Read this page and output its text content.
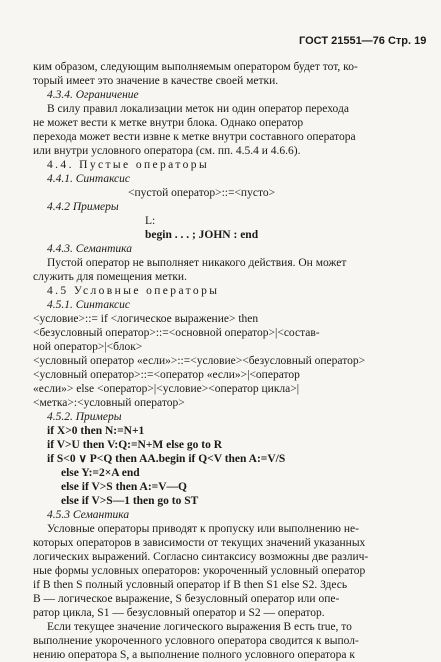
ГОСТ 21551—76 Стр. 19
ким образом, следующим выполняемым оператором будет тот, ко-
торый имеет это значение в качестве своей метки.
4.3.4. Ограничение
В силу правил локализации меток ни один оператор перехода
не может вести к метке внутри блока. Однако оператор
перехода может вести извне к метке внутри составного оператора
или внутри условного оператора (см. пп. 4.5.4 и 4.6.6).
4.4. Пустые операторы
4.4.1. Синтаксис
<пустой оператор>::=<пусто>
4.4.2 Примеры
L:
begin . . . ; JOHN : end
4.4.3. Семантика
Пустой оператор не выполняет никакого действия. Он может
служить для помещения метки.
4.5 Условные операторы
4.5.1. Синтаксис
<условие>::= if <логическое выражение> then
<безусловный оператор>::=<основной оператор>|<состав-
ной оператор>|<блок>
<условный оператор «если»>::=<условие><безусловный оператор>
<условный оператор>::=<оператор «если»>|<оператор
«если»> else <оператор>|<условие><оператор цикла>|
<метка>:<условный оператор>
4.5.2. Примеры
if X>0 then N:=N+1
if V>U then V:Q:=N+M else go to R
if S<0 ∨ P<Q then AA.begin if Q<V then A:=V/S
else Y:=2×A end
else if V>S then A:=V—Q
else if V>S—1 then go to ST
4.5.3 Семантика
Условные операторы приводят к пропуску или выполнению не-
которых операторов в зависимости от текущих значений указанных
логических выражений. Согласно синтаксису возможны две различ-
ные формы условных операторов: укороченный условный оператор
if B then S полный условный оператор if B then S1 else S2. Здесь
B — логическое выражение, S безусловный оператор или опе-
ратор цикла, S1 — безусловный оператор и S2 — оператор.
Если текущее значение логического выражения B есть true, то
выполнение укороченного условного оператора сводится к выпол-
нению оператора S, а выполнение полного условного оператора к
